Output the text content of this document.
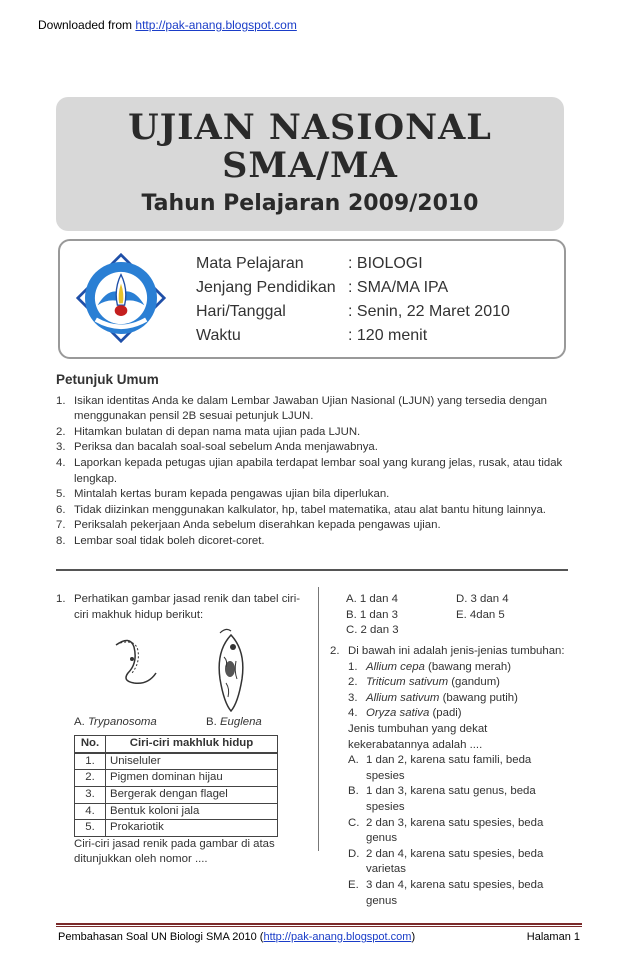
Downloaded from http://pak-anang.blogspot.com
UJIAN NASIONAL
SMA/MA
Tahun Pelajaran 2009/2010
Mata Pelajaran	: BIOLOGI
Jenjang Pendidikan : SMA/MA IPA
Hari/Tanggal	: Senin, 22 Maret 2010
Waktu	: 120 menit
Petunjuk Umum
1. Isikan identitas Anda ke dalam Lembar Jawaban Ujian Nasional (LJUN) yang tersedia dengan menggunakan pensil 2B sesuai petunjuk LJUN.
2. Hitamkan bulatan di depan nama mata ujian pada LJUN.
3. Periksa dan bacalah soal-soal sebelum Anda menjawabnya.
4. Laporkan kepada petugas ujian apabila terdapat lembar soal yang kurang jelas, rusak, atau tidak lengkap.
5. Mintalah kertas buram kepada pengawas ujian bila diperlukan.
6. Tidak diizinkan menggunakan kalkulator, hp, tabel matematika, atau alat bantu hitung lainnya.
7. Periksalah pekerjaan Anda sebelum diserahkan kepada pengawas ujian.
8. Lembar soal tidak boleh dicoret-coret.
1. Perhatikan gambar jasad renik dan tabel ciri-ciri makhuk hidup berikut:
A. Trypanosoma	B. Euglena
No.	Ciri-ciri makhluk hidup
1.	Uniseluler
2.	Pigmen dominan hijau
3.	Bergerak dengan flagel
4.	Bentuk koloni jala
5.	Prokariotik
Ciri-ciri jasad renik pada gambar di atas ditunjukkan oleh nomor ....
A. 1 dan 4	D. 3 dan 4
B. 1 dan 3	E. 4dan 5
C. 2 dan 3
2. Di bawah ini adalah jenis-jenias tumbuhan:
1. Allium cepa (bawang merah)
2. Triticum sativum (gandum)
3. Allium sativum (bawang putih)
4. Oryza sativa (padi)
Jenis tumbuhan yang dekat kekerabatannya adalah ....
A. 1 dan 2, karena satu famili, beda spesies
B. 1 dan 3, karena satu genus, beda spesies
C. 2 dan 3, karena satu spesies, beda genus
D. 2 dan 4, karena satu spesies, beda varietas
E. 3 dan 4, karena satu spesies, beda genus
Pembahasan Soal UN Biologi SMA 2010 (http://pak-anang.blogspot.com)	Halaman 1
